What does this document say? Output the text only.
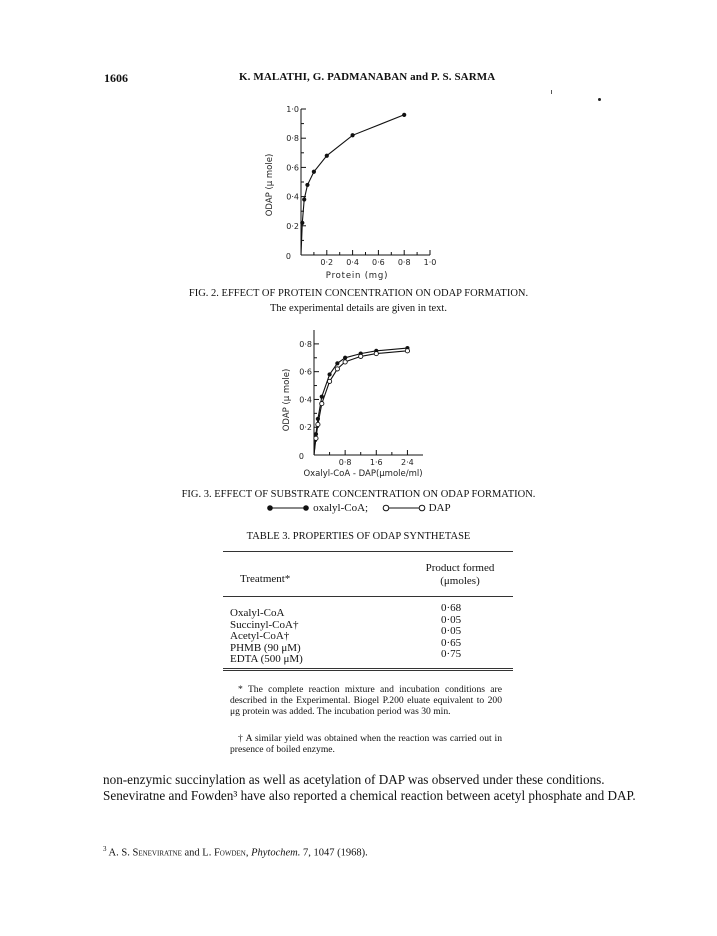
1606	K. MALATHI, G. PADMANABAN and P. S. SARMA
0
0·2
0·4
0·6
0·8
1·0
0·2 0·4 0·6 0·8 1·0
ODAP (μ mole)
Protein (mg)
FIG. 2. EFFECT OF PROTEIN CONCENTRATION ON ODAP FORMATION.
The experimental details are given in text.
0
0·2
0·4
0·6
0·8
0·8 1·6 2·4
ODAP (μ mole)
Oxalyl-CoA - DAP(μmole/ml)
FIG. 3. EFFECT OF SUBSTRATE CONCENTRATION ON ODAP FORMATION.
oxalyl-CoA;	DAP
TABLE 3. PROPERTIES OF ODAP SYNTHETASE
Treatment*
Product formed
(μmoles)
Oxalyl-CoA	0·68
Succinyl-CoA†	0·05
Acetyl-CoA†	0·05
PHMB (90 μM)	0·65
EDTA (500 μM)	0·75
* The complete reaction mixture and incubation conditions are described in the Experimental. Biogel P.200 eluate equivalent to 200 μg protein was added. The incubation period was 30 min.
† A similar yield was obtained when the reaction was carried out in presence of boiled enzyme.
non-enzymic succinylation as well as acetylation of DAP was observed under these conditions. Seneviratne and Fowden³ have also reported a chemical reaction between acetyl phosphate and DAP.
$^3$ A. S. Seneviratne and L. Fowden, Phytochem. 7, 1047 (1968).
